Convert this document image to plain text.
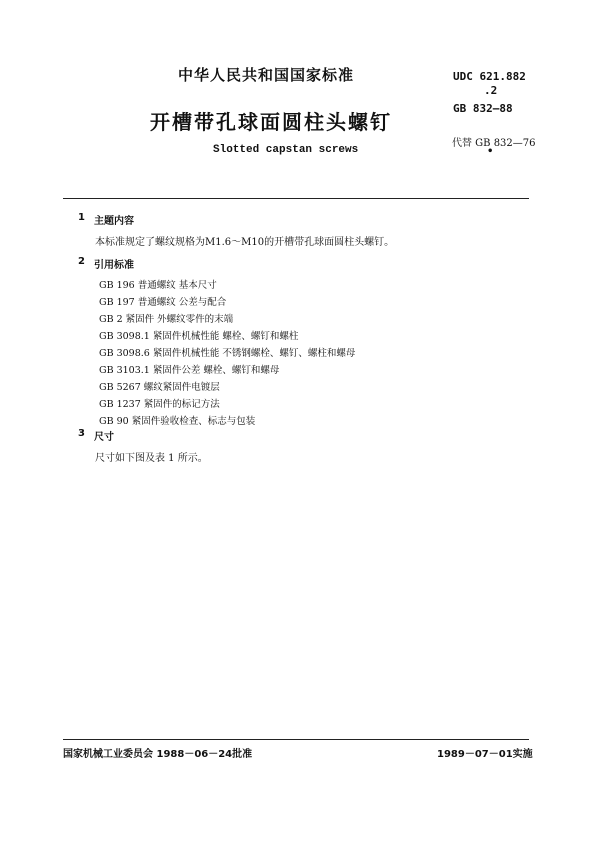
中华人民共和国国家标准	UDC 621.882
.2
GB 832—88
开槽带孔球面圆柱头螺钉
代替 GB 832—76
Slotted capstan screws	•
1 主题内容
本标准规定了螺纹规格为M1.6～M10的开槽带孔球面圆柱头螺钉。
2 引用标准
GB 196 普通螺纹 基本尺寸
GB 197 普通螺纹 公差与配合
GB 2 紧固件 外螺纹零件的末端
GB 3098.1 紧固件机械性能 螺栓、螺钉和螺柱
GB 3098.6 紧固件机械性能 不锈钢螺栓、螺钉、螺柱和螺母
GB 3103.1 紧固件公差 螺栓、螺钉和螺母
GB 5267 螺纹紧固件电镀层
GB 1237 紧固件的标记方法
GB 90 紧固件验收检查、标志与包装
3 尺寸
尺寸如下图及表 1 所示。
国家机械工业委员会 1988－06－24批准	1989－07－01实施
